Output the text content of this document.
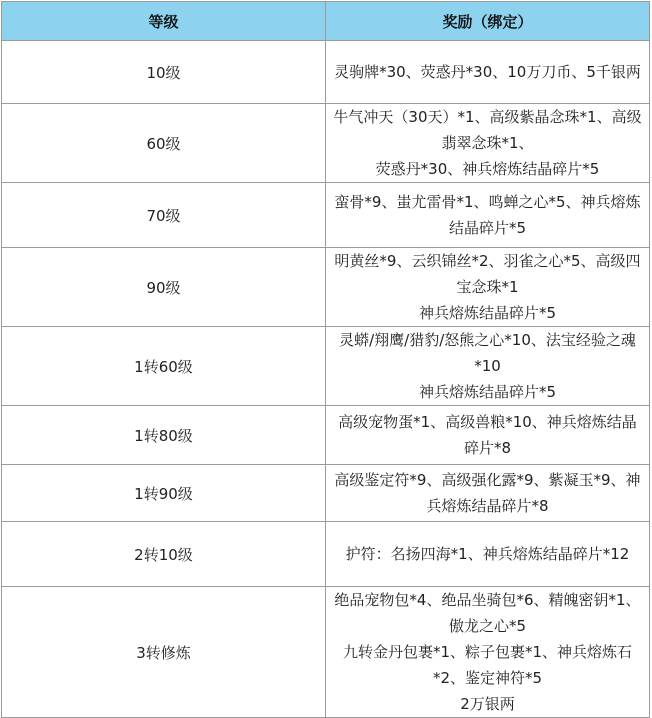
等级	奖励（绑定）
10级	灵驹牌*30、荧惑丹*30、10万刀币、5千银两

60级	牛气冲天（30天）*1、高级紫晶念珠*1、高级翡翠念珠*1、
荧惑丹*30、神兵熔炼结晶碎片*5

70级	蛮骨*9、蚩尤雷骨*1、鸣蝉之心*5、神兵熔炼结晶碎片*5

90级	明黄丝*9、云织锦丝*2、羽雀之心*5、高级四宝念珠*1
神兵熔炼结晶碎片*5

1转60级	灵蟒/翔鹰/猎豹/怒熊之心*10、法宝经验之魂*10
神兵熔炼结晶碎片*5

1转80级	高级宠物蛋*1、高级兽粮*10、神兵熔炼结晶碎片*8

1转90级	高级鉴定符*9、高级强化露*9、紫凝玉*9、神兵熔炼结晶碎片*8

2转10级	护符：名扬四海*1、神兵熔炼结晶碎片*12

3转修炼	绝品宠物包*4、绝品坐骑包*6、精魄密钥*1、傲龙之心*5
九转金丹包裹*1、粽子包裹*1、神兵熔炼石*2、鉴定神符*5
2万银两
